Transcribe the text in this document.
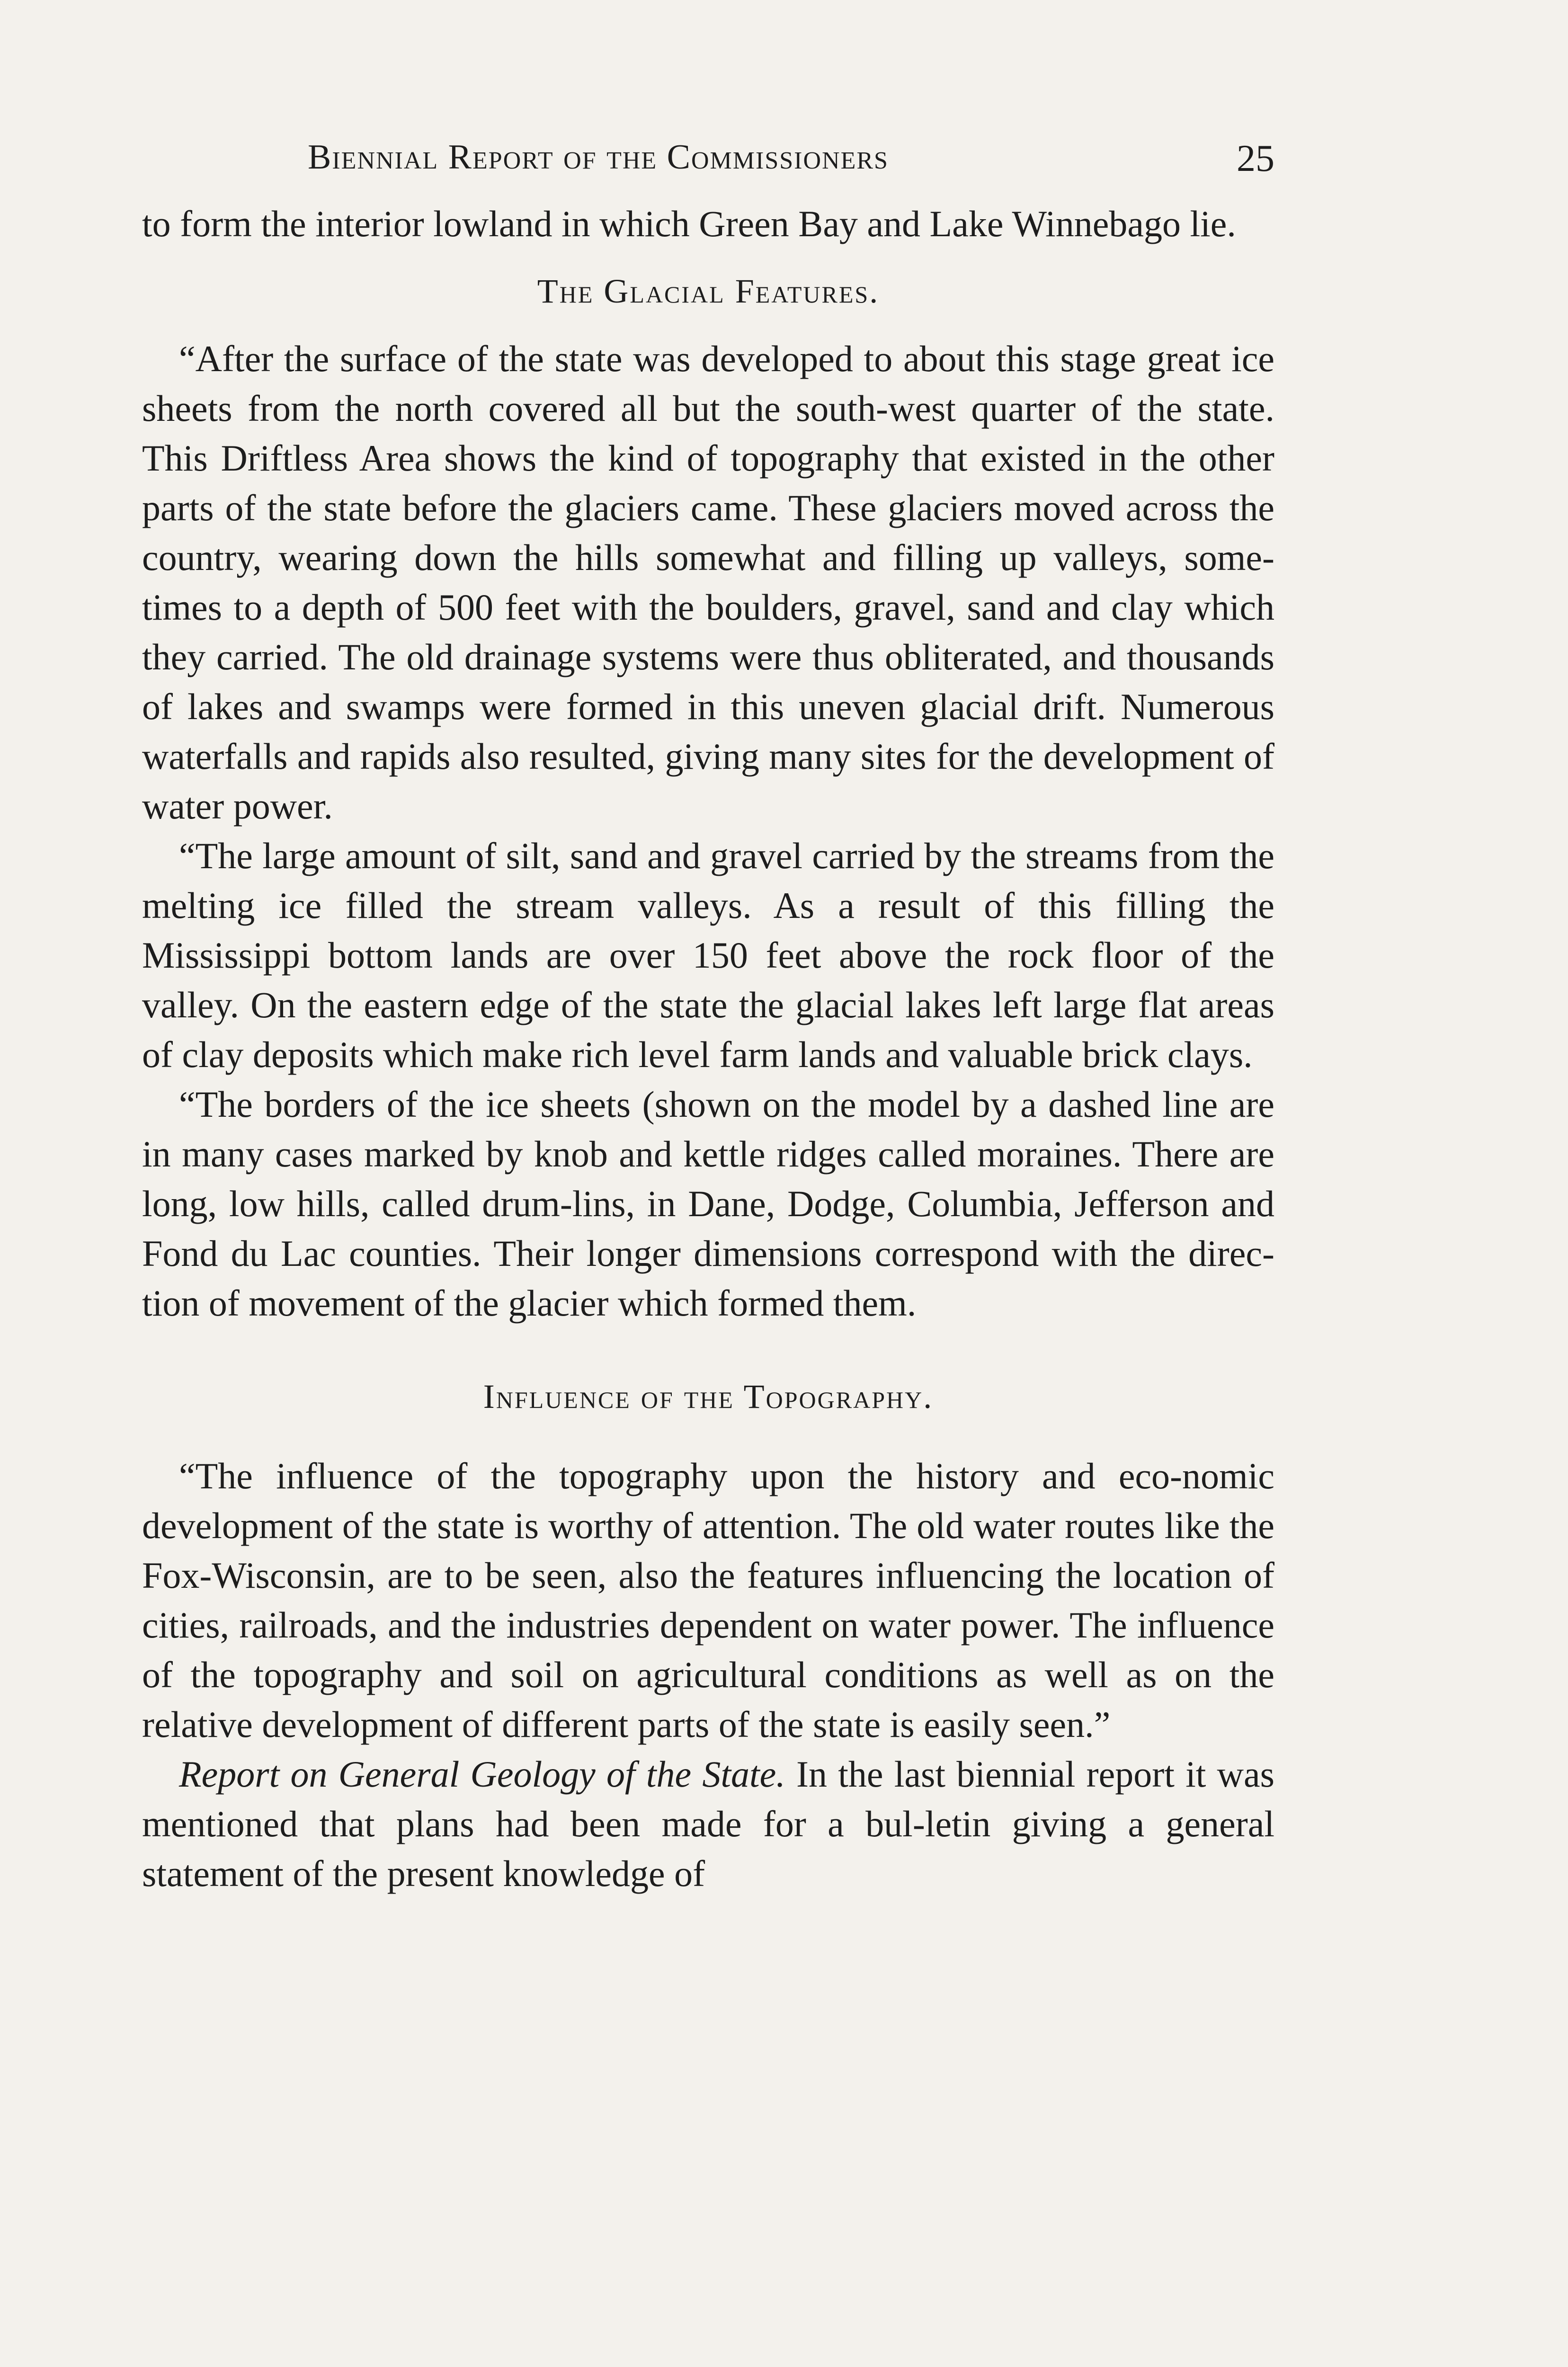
Biennial Report of the Commissioners	25

to form the interior lowland in which Green Bay and Lake Winnebago lie.

The Glacial Features.

“After the surface of the state was developed to about this stage great ice sheets from the north covered all but the south-west quarter of the state. This Driftless Area shows the kind of topography that existed in the other parts of the state before the glaciers came. These glaciers moved across the country, wearing down the hills somewhat and filling up valleys, some-times to a depth of 500 feet with the boulders, gravel, sand and clay which they carried. The old drainage systems were thus obliterated, and thousands of lakes and swamps were formed in this uneven glacial drift. Numerous waterfalls and rapids also resulted, giving many sites for the development of water power.

“The large amount of silt, sand and gravel carried by the streams from the melting ice filled the stream valleys. As a result of this filling the Mississippi bottom lands are over 150 feet above the rock floor of the valley. On the eastern edge of the state the glacial lakes left large flat areas of clay deposits which make rich level farm lands and valuable brick clays.

“The borders of the ice sheets (shown on the model by a dashed line are in many cases marked by knob and kettle ridges called moraines. There are long, low hills, called drum-lins, in Dane, Dodge, Columbia, Jefferson and Fond du Lac counties. Their longer dimensions correspond with the direc-tion of movement of the glacier which formed them.

Influence of the Topography.

“The influence of the topography upon the history and eco-nomic development of the state is worthy of attention. The old water routes like the Fox-Wisconsin, are to be seen, also the features influencing the location of cities, railroads, and the industries dependent on water power. The influence of the topography and soil on agricultural conditions as well as on the relative development of different parts of the state is easily seen.”

Report on General Geology of the State. In the last biennial report it was mentioned that plans had been made for a bul-letin giving a general statement of the present knowledge of
